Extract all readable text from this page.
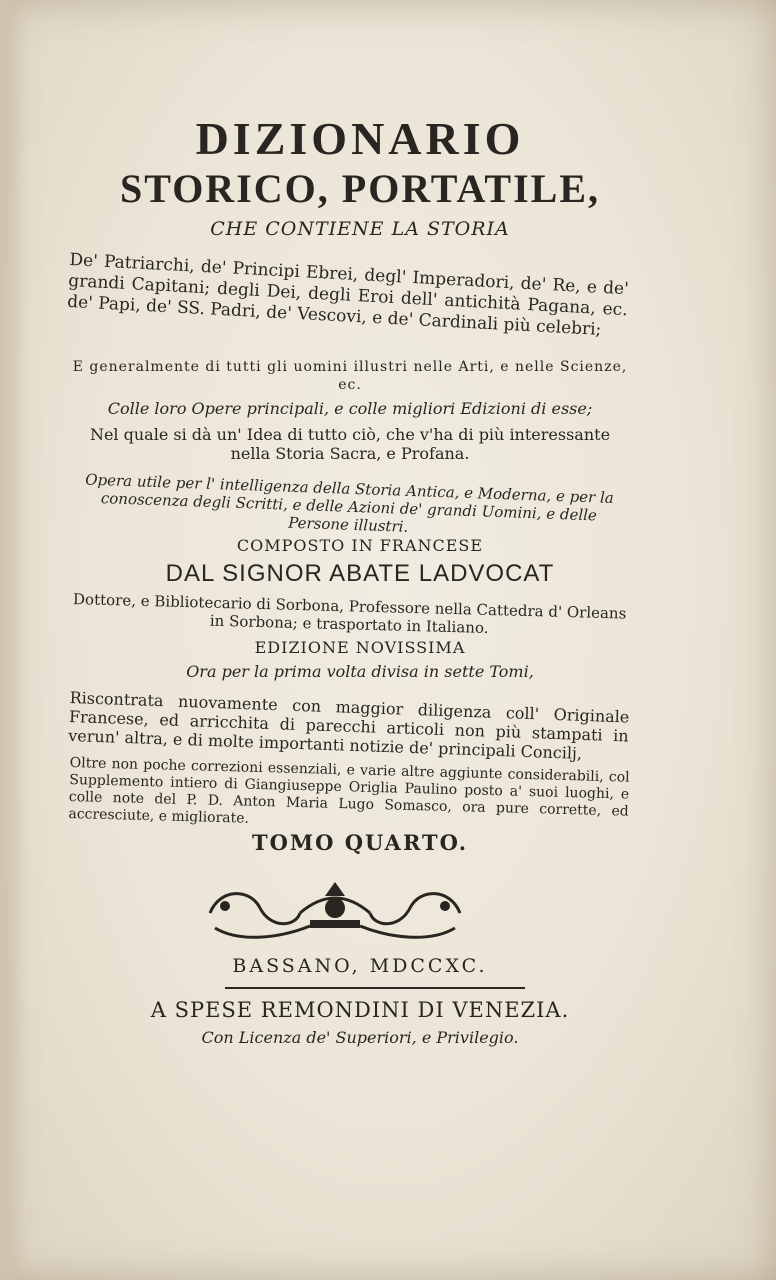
DIZIONARIO
STORICO, PORTATILE,
CHE CONTIENE LA STORIA
De' Patriarchi, de' Principi Ebrei, degl' Imperadori, de' Re, e de' grandi Capitani; degli Dei, degli Eroi dell' antichità Pagana, ec. de' Papi, de' SS. Padri, de' Vescovi, e de' Cardinali più celebri;
E generalmente di tutti gli uomini illustri nelle Arti, e nelle Scienze, ec.
Colle loro Opere principali, e colle migliori Edizioni di esse;
Nel quale si dà un' Idea di tutto ciò, che v'ha di più interessante nella Storia Sacra, e Profana.
Opera utile per l' intelligenza della Storia Antica, e Moderna, e per la conoscenza degli Scritti, e delle Azioni de' grandi Uomini, e delle Persone illustri.
COMPOSTO IN FRANCESE
DAL SIGNOR ABATE LADVOCAT
Dottore, e Bibliotecario di Sorbona, Professore nella Cattedra d' Orleans in Sorbona; e trasportato in Italiano.
EDIZIONE NOVISSIMA
Ora per la prima volta divisa in sette Tomi,
Riscontrata nuovamente con maggior diligenza coll' Originale Francese, ed arricchita di parecchi articoli non più stampati in verun' altra, e di molte importanti notizie de' principali Concilj,
Oltre non poche correzioni essenziali, e varie altre aggiunte considerabili, col Supplemento intiero di Giangiuseppe Origlia Paulino posto a' suoi luoghi, e colle note del P. D. Anton Maria Lugo Somasco, ora pure corrette, ed accresciute, e migliorate.
TOMO QUARTO.
BASSANO, MDCCXC.
A SPESE REMONDINI DI VENEZIA.
Con Licenza de' Superiori, e Privilegio.
